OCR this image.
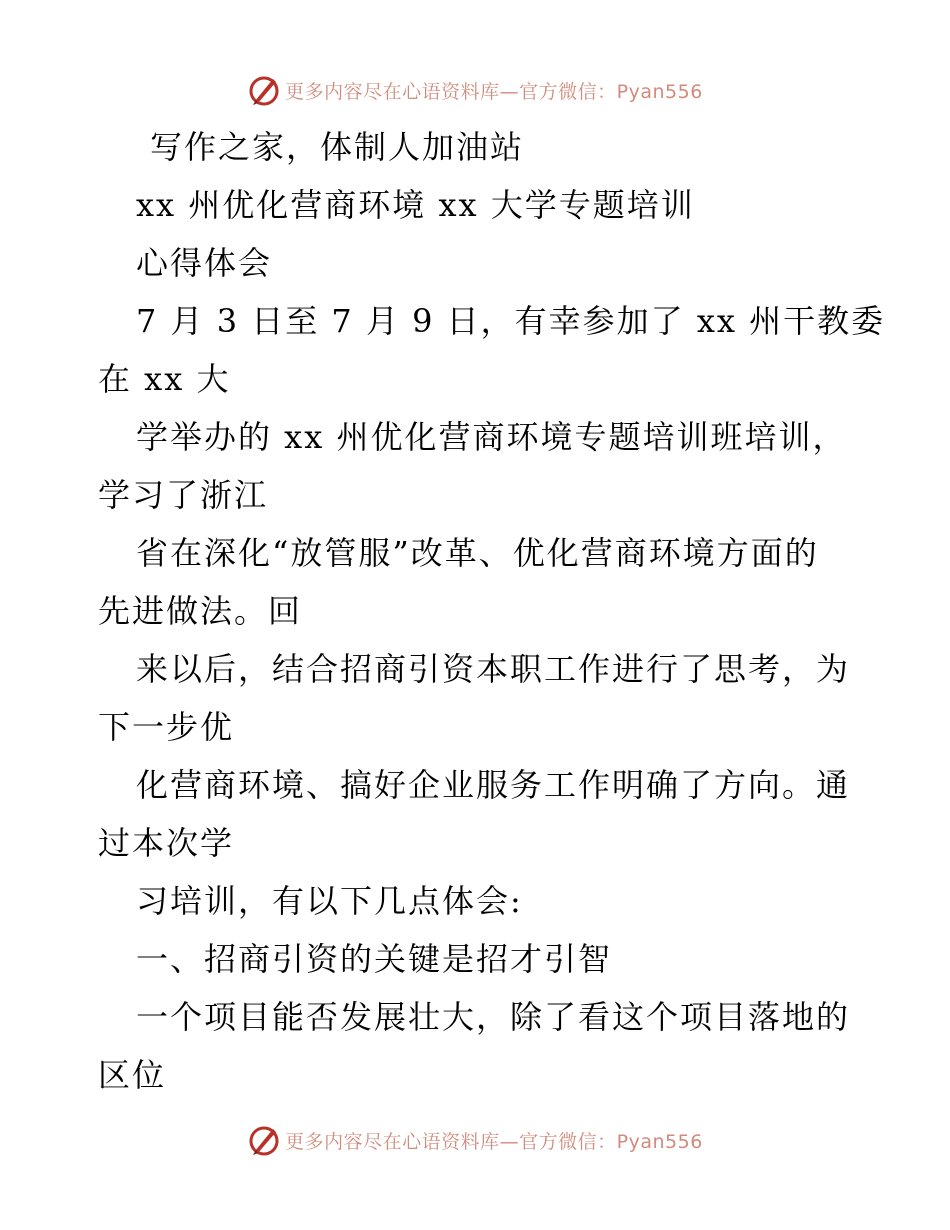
更多内容尽在心语资料库—官方微信：Pyan556
写作之家，体制人加油站
xx 州优化营商环境 xx 大学专题培训
心得体会
7 月 3 日至 7 月 9 日，有幸参加了 xx 州干教委
在 xx 大
学举办的 xx 州优化营商环境专题培训班培训，
学习了浙江
省在深化“放管服”改革、优化营商环境方面的
先进做法。回
来以后，结合招商引资本职工作进行了思考，为
下一步优
化营商环境、搞好企业服务工作明确了方向。通
过本次学
习培训，有以下几点体会:
一、招商引资的关键是招才引智
一个项目能否发展壮大，除了看这个项目落地的
区位
更多内容尽在心语资料库—官方微信：Pyan556
